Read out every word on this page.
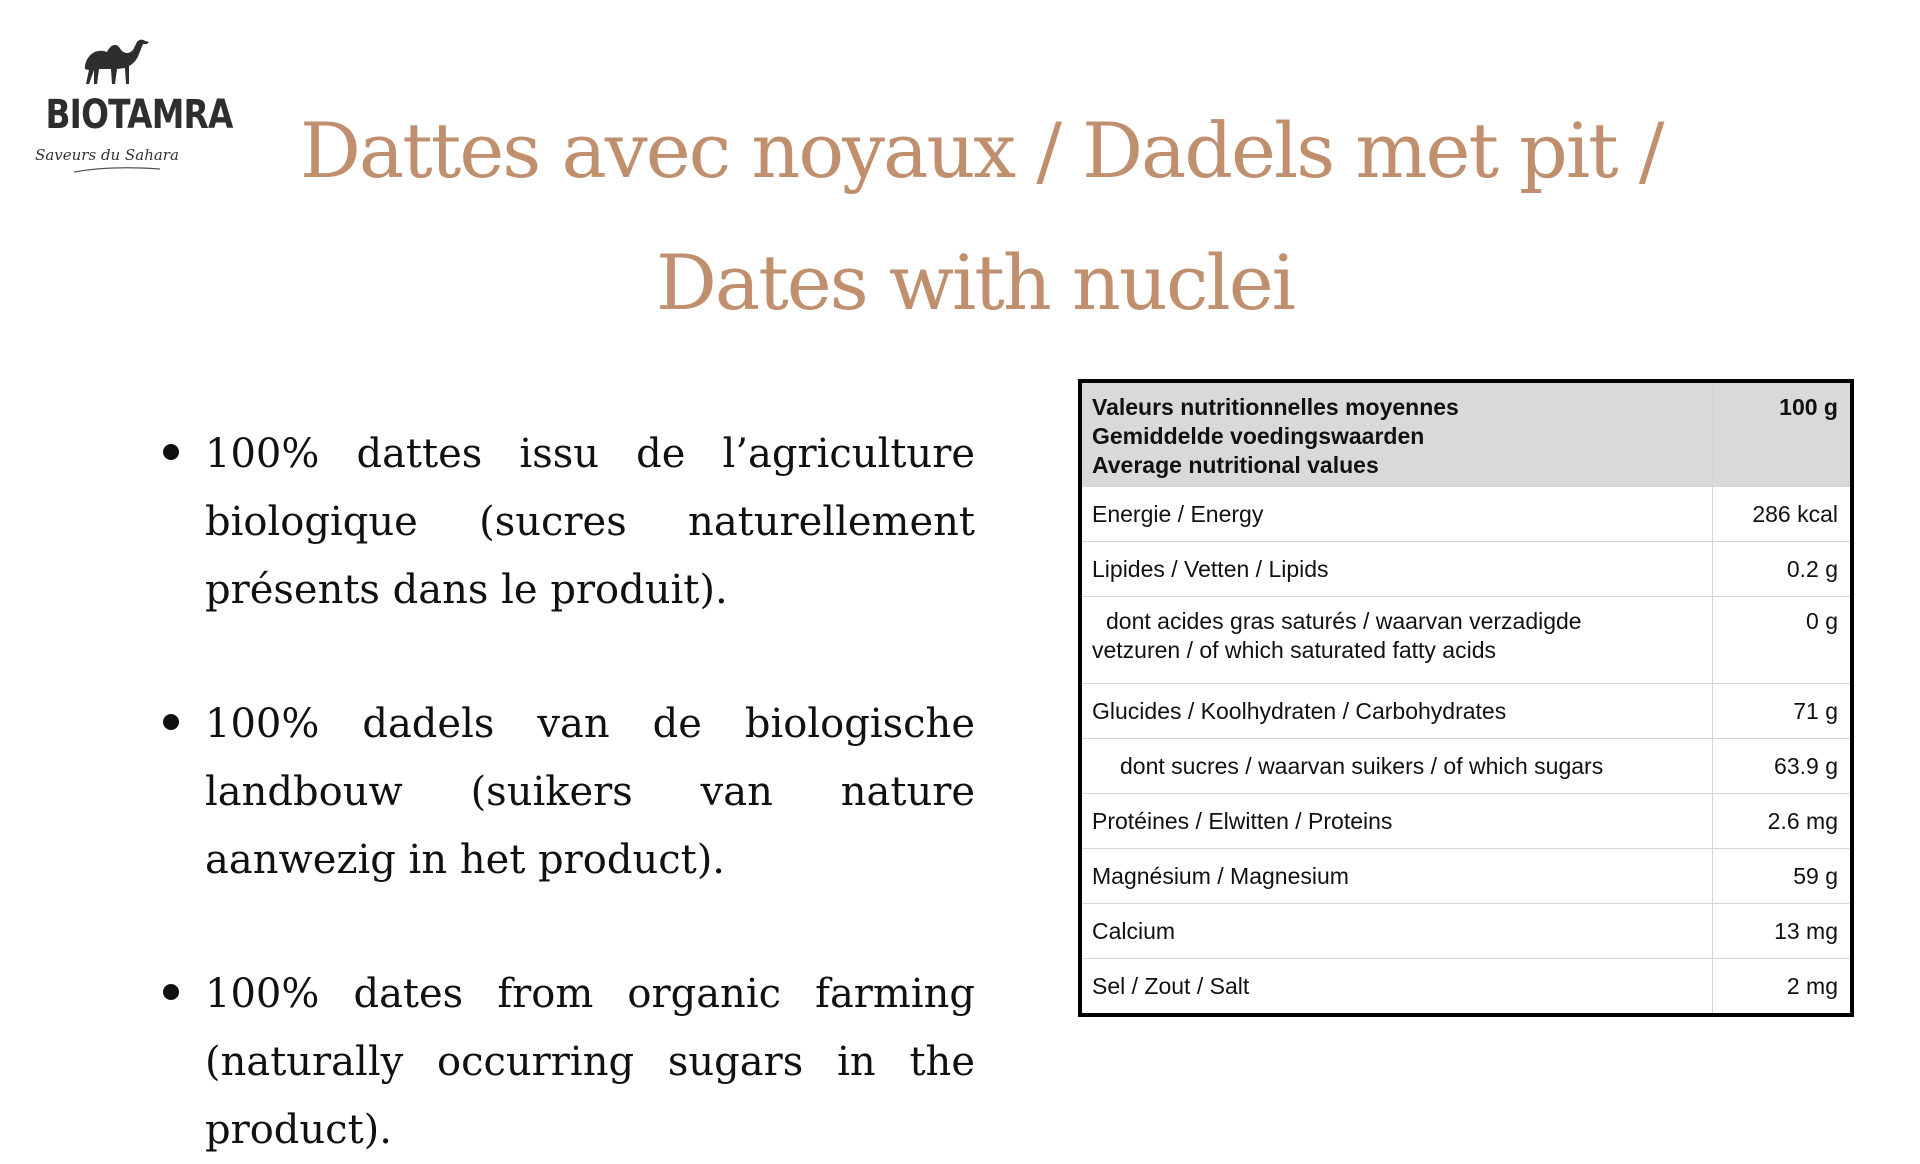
BIOTAMRA
Saveurs du Sahara Dattes avec noyaux / Dadels met pit /
Dates with nuclei
100% dattes issu de l’agriculture biologique (sucres naturellement présents dans le produit).
100% dadels van de biologische landbouw (suikers van nature aanwezig in het product).
100% dates from organic farming (naturally occurring sugars in the product).
Valeurs nutritionnelles moyennes
Gemiddelde voedingswaarden
Average nutritional values	100 g
Energie / Energy	286 kcal
Lipides / Vetten / Lipids	0.2 g
dont acides gras saturés / waarvan verzadigde
vetzuren / of which saturated fatty acids	0 g
Glucides / Koolhydraten / Carbohydrates	71 g
dont sucres / waarvan suikers / of which sugars	63.9 g
Protéines / Elwitten / Proteins	2.6 mg
Magnésium / Magnesium	59 g
Calcium	13 mg
Sel / Zout / Salt	2 mg
